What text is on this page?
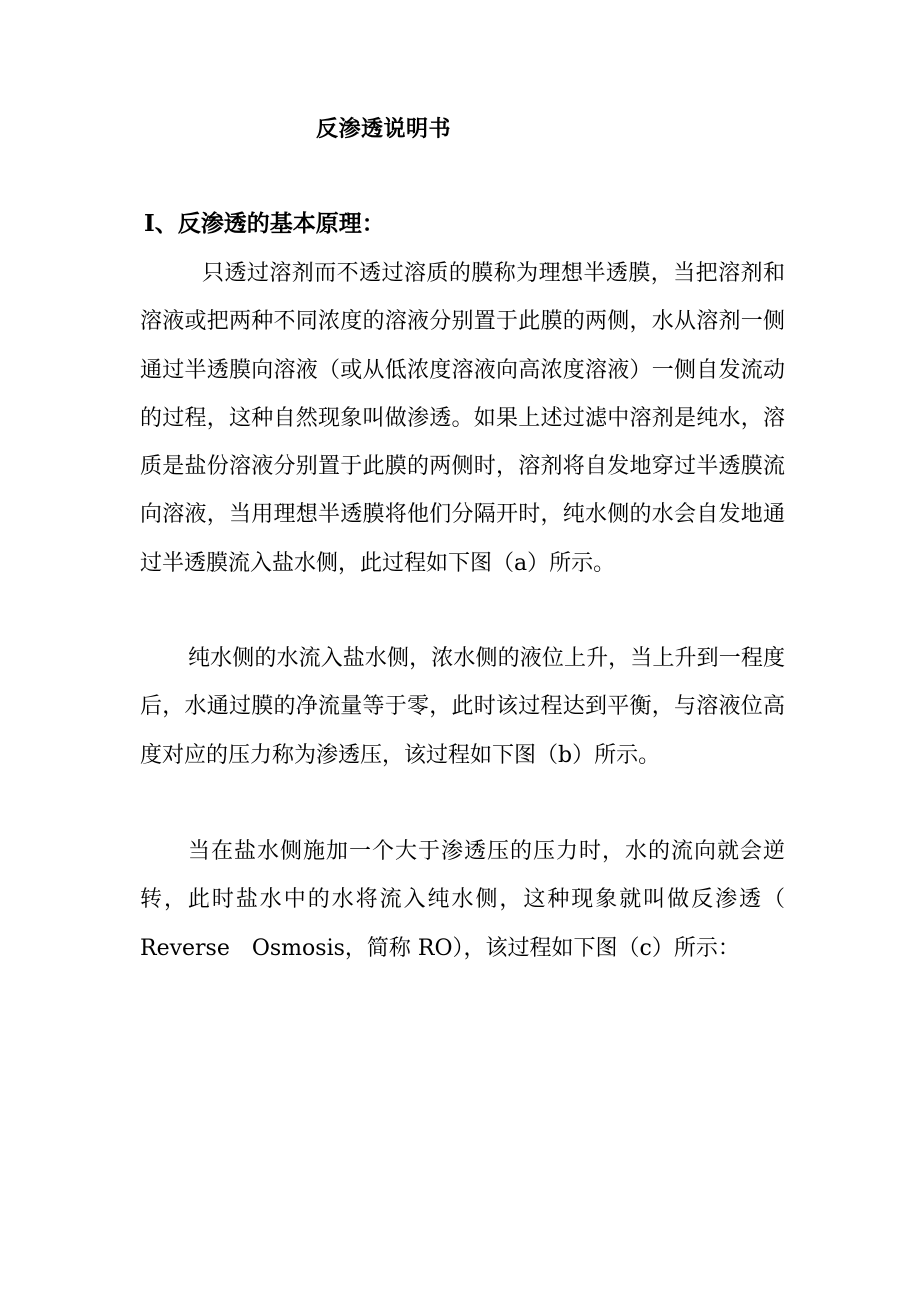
反渗透说明书
Ⅰ、反渗透的基本原理：

只透过溶剂而不透过溶质的膜称为理想半透膜，当把溶剂和溶液或把两种不同浓度的溶液分别置于此膜的两侧，水从溶剂一侧通过半透膜向溶液（或从低浓度溶液向高浓度溶液）一侧自发流动的过程，这种自然现象叫做渗透。如果上述过滤中溶剂是纯水，溶质是盐份溶液分别置于此膜的两侧时，溶剂将自发地穿过半透膜流向溶液，当用理想半透膜将他们分隔开时，纯水侧的水会自发地通过半透膜流入盐水侧，此过程如下图（a）所示。

纯水侧的水流入盐水侧，浓水侧的液位上升，当上升到一程度后，水通过膜的净流量等于零，此时该过程达到平衡，与溶液位高度对应的压力称为渗透压，该过程如下图（b）所示。

当在盐水侧施加一个大于渗透压的压力时，水的流向就会逆转，此时盐水中的水将流入纯水侧，这种现象就叫做反渗透（ Reverse　Osmosis，简称 RO），该过程如下图（c）所示：
